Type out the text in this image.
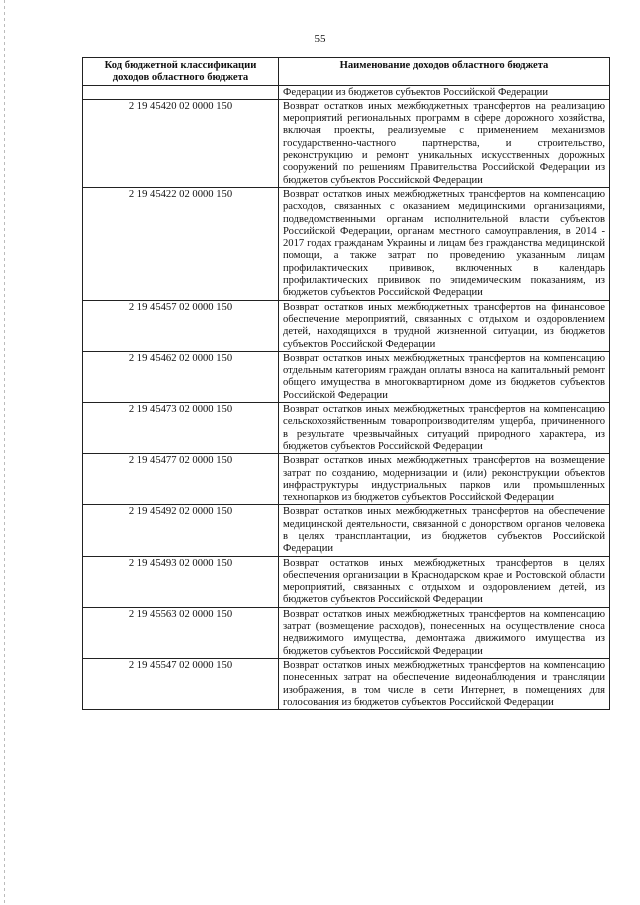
55
Код бюджетной классификации доходов областного бюджета	Наименование доходов областного бюджета
	Федерации из бюджетов субъектов Российской Федерации
2 19 45420 02 0000 150	Возврат остатков иных межбюджетных трансфертов на реализацию мероприятий региональных программ в сфере дорожного хозяйства, включая проекты, реализуемые с применением механизмов государственно-частного партнерства, и строительство, реконструкцию и ремонт уникальных искусственных дорожных сооружений по решениям Правительства Российской Федерации из бюджетов субъектов Российской Федерации
2 19 45422 02 0000 150	Возврат остатков иных межбюджетных трансфертов на компенсацию расходов, связанных с оказанием медицинскими организациями, подведомственными органам исполнительной власти субъектов Российской Федерации, органам местного самоуправления, в 2014 - 2017 годах гражданам Украины и лицам без гражданства медицинской помощи, а также затрат по проведению указанным лицам профилактических прививок, включенных в календарь профилактических прививок по эпидемическим показаниям, из бюджетов субъектов Российской Федерации
2 19 45457 02 0000 150	Возврат остатков иных межбюджетных трансфертов на финансовое обеспечение мероприятий, связанных с отдыхом и оздоровлением детей, находящихся в трудной жизненной ситуации, из бюджетов субъектов Российской Федерации
2 19 45462 02 0000 150	Возврат остатков иных межбюджетных трансфертов на компенсацию отдельным категориям граждан оплаты взноса на капитальный ремонт общего имущества в многоквартирном доме из бюджетов субъектов Российской Федерации
2 19 45473 02 0000 150	Возврат остатков иных межбюджетных трансфертов на компенсацию сельскохозяйственным товаропроизводителям ущерба, причиненного в результате чрезвычайных ситуаций природного характера, из бюджетов субъектов Российской Федерации
2 19 45477 02 0000 150	Возврат остатков иных межбюджетных трансфертов на возмещение затрат по созданию, модернизации и (или) реконструкции объектов инфраструктуры индустриальных парков или промышленных технопарков из бюджетов субъектов Российской Федерации
2 19 45492 02 0000 150	Возврат остатков иных межбюджетных трансфертов на обеспечение медицинской деятельности, связанной с донорством органов человека в целях трансплантации, из бюджетов субъектов Российской Федерации
2 19 45493 02 0000 150	Возврат остатков иных межбюджетных трансфертов в целях обеспечения организации в Краснодарском крае и Ростовской области мероприятий, связанных с отдыхом и оздоровлением детей, из бюджетов субъектов Российской Федерации
2 19 45563 02 0000 150	Возврат остатков иных межбюджетных трансфертов на компенсацию затрат (возмещение расходов), понесенных на осуществление сноса недвижимого имущества, демонтажа движимого имущества из бюджетов субъектов Российской Федерации
2 19 45547 02 0000 150	Возврат остатков иных межбюджетных трансфертов на компенсацию понесенных затрат на обеспечение видеонаблюдения и трансляции изображения, в том числе в сети Интернет, в помещениях для голосования из бюджетов субъектов Российской Федерации
